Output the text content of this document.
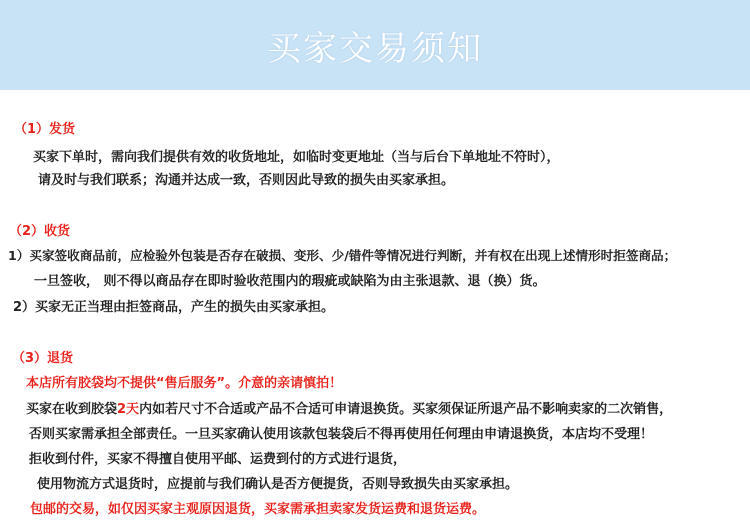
买家交易须知
（1）发货
买家下单时，需向我们提供有效的收货地址，如临时变更地址（当与后台下单地址不符时），
请及时与我们联系；沟通并达成一致，否则因此导致的损失由买家承担。
（2）收货
1）买家签收商品前，应检验外包装是否存在破损、变形、少/错件等情况进行判断，并有权在出现上述情形时拒签商品；
一旦签收， 则不得以商品存在即时验收范围内的瑕疵或缺陷为由主张退款、退（换）货。
2）买家无正当理由拒签商品，产生的损失由买家承担。
（3）退货
本店所有胶袋均不提供“售后服务”。介意的亲请慎拍！
买家在收到胶袋2天内如若尺寸不合适或产品不合适可申请退换货。买家须保证所退产品不影响卖家的二次销售，
否则买家需承担全部责任。一旦买家确认使用该款包装袋后不得再使用任何理由申请退换货，本店均不受理！
拒收到付件，买家不得擅自使用平邮、运费到付的方式进行退货，
使用物流方式退货时，应提前与我们确认是否方便提货，否则导致损失由买家承担。
包邮的交易，如仅因买家主观原因退货，买家需承担卖家发货运费和退货运费。
